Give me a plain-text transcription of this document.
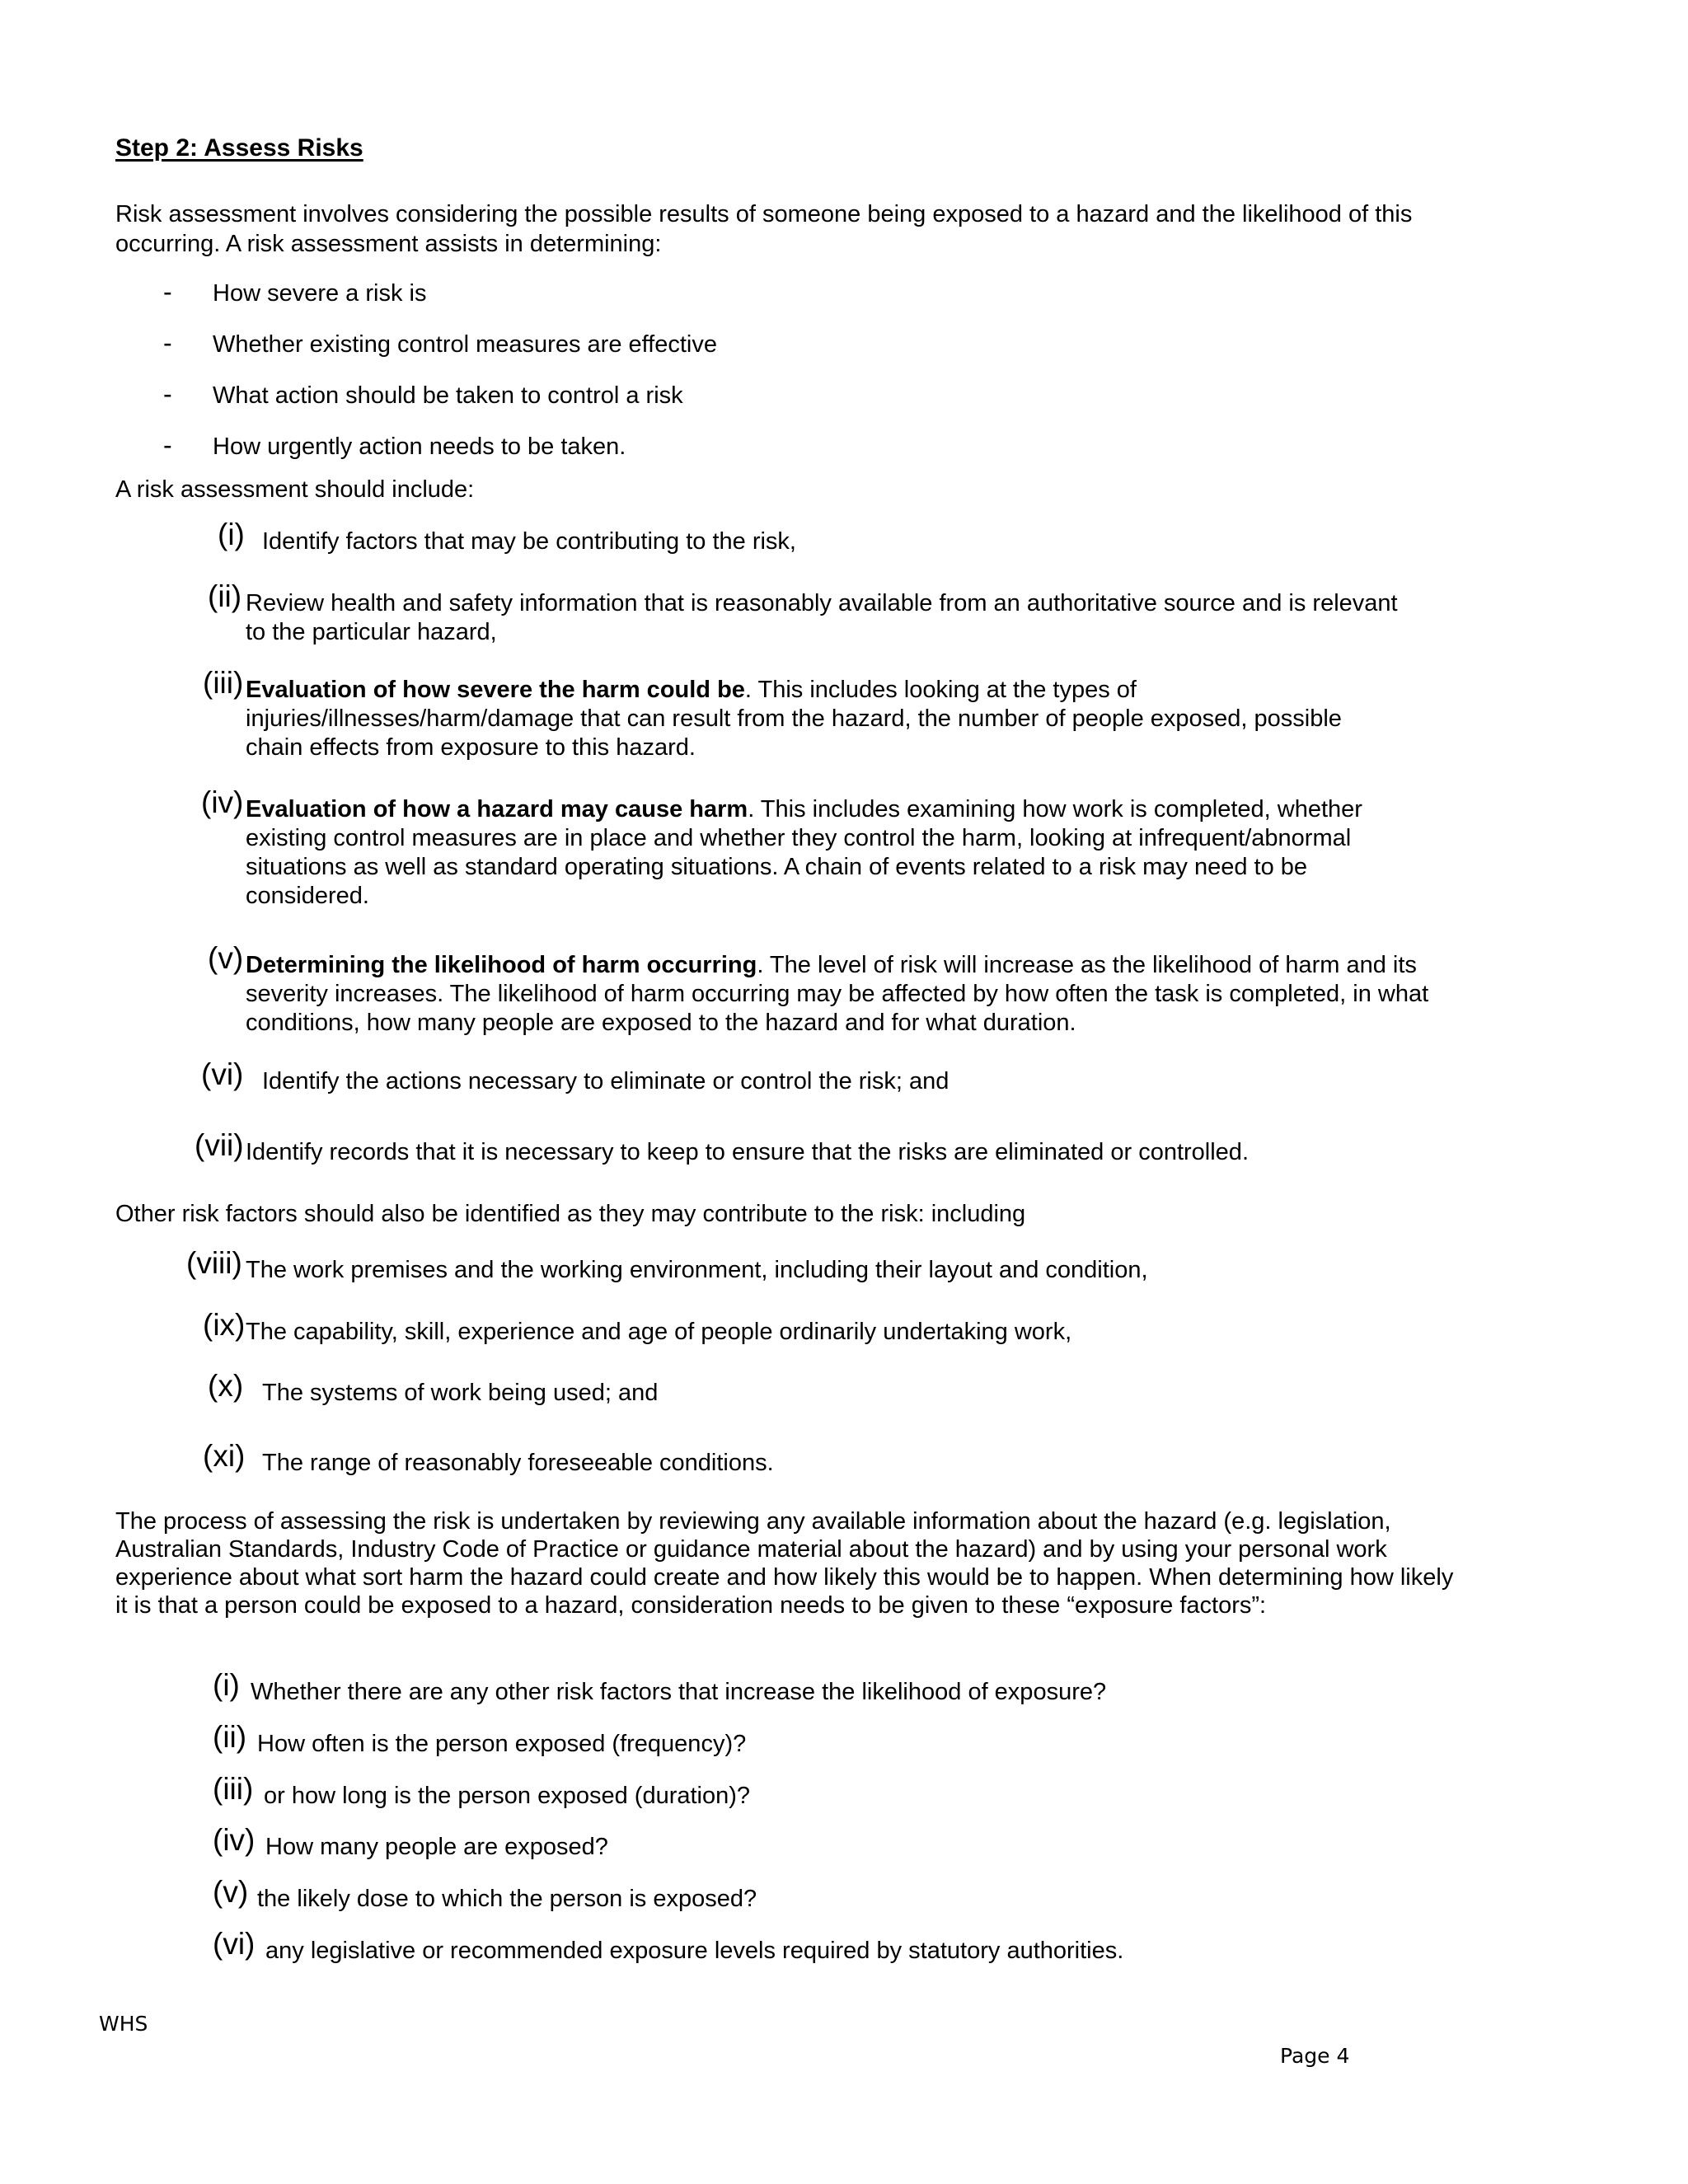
Step 2: Assess Risks

Risk assessment involves considering the possible results of someone being exposed to a hazard and the likelihood of this occurring. A risk assessment assists in determining:

- How severe a risk is
- Whether existing control measures are effective
- What action should be taken to control a risk
- How urgently action needs to be taken.

A risk assessment should include:

(i) Identify factors that may be contributing to the risk,
(ii) Review health and safety information that is reasonably available from an authoritative source and is relevant to the particular hazard,

(iii) Evaluation of how severe the harm could be. This includes looking at the types of injuries/illnesses/harm/damage that can result from the hazard, the number of people exposed, possible chain effects from exposure to this hazard.

(iv) Evaluation of how a hazard may cause harm. This includes examining how work is completed, whether existing control measures are in place and whether they control the harm, looking at infrequent/abnormal situations as well as standard operating situations. A chain of events related to a risk may need to be considered.

(v) Determining the likelihood of harm occurring. The level of risk will increase as the likelihood of harm and its severity increases. The likelihood of harm occurring may be affected by how often the task is completed, in what conditions, how many people are exposed to the hazard and for what duration.

(vi) Identify the actions necessary to eliminate or control the risk; and
(vii) Identify records that it is necessary to keep to ensure that the risks are eliminated or controlled.

Other risk factors should also be identified as they may contribute to the risk: including

(viii) The work premises and the working environment, including their layout and condition,
(ix) The capability, skill, experience and age of people ordinarily undertaking work,
(x) The systems of work being used; and
(xi) The range of reasonably foreseeable conditions.

The process of assessing the risk is undertaken by reviewing any available information about the hazard (e.g. legislation, Australian Standards, Industry Code of Practice or guidance material about the hazard) and by using your personal work experience about what sort harm the hazard could create and how likely this would be to happen. When determining how likely it is that a person could be exposed to a hazard, consideration needs to be given to these “exposure factors”:

(i) Whether there are any other risk factors that increase the likelihood of exposure?
(ii) How often is the person exposed (frequency)?
(iii) or how long is the person exposed (duration)?
(iv) How many people are exposed?
(v) the likely dose to which the person is exposed?
(vi) any legislative or recommended exposure levels required by statutory authorities.
WHS
Page 4
